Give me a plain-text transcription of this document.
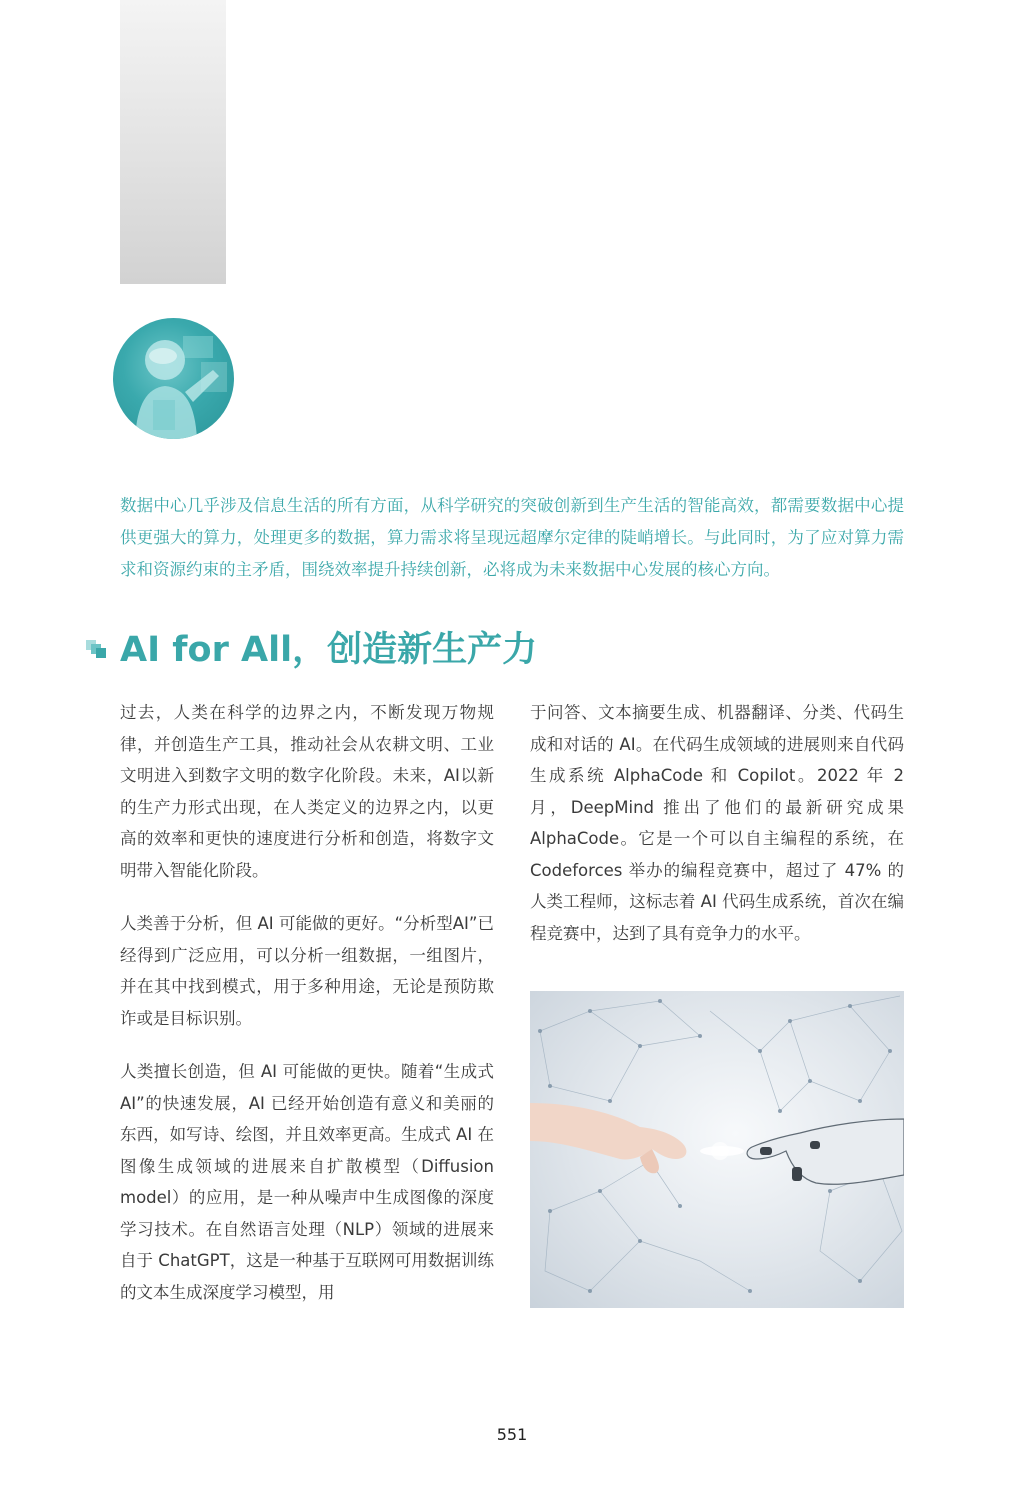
数据中心几乎涉及信息生活的所有方面，从科学研究的突破创新到生产生活的智能高效，都需要数据中心提供更强大的算力，处理更多的数据，算力需求将呈现远超摩尔定律的陡峭增长。与此同时，为了应对算力需求和资源约束的主矛盾，围绕效率提升持续创新，必将成为未来数据中心发展的核心方向。

AI for All，创造新生产力

过去，人类在科学的边界之内，不断发现万物规律，并创造生产工具，推动社会从农耕文明、工业文明进入到数字文明的数字化阶段。未来，AI以新的生产力形式出现，在人类定义的边界之内，以更高的效率和更快的速度进行分析和创造，将数字文明带入智能化阶段。

人类善于分析，但 AI 可能做的更好。“分析型AI”已经得到广泛应用，可以分析一组数据，一组图片，并在其中找到模式，用于多种用途，无论是预防欺诈或是目标识别。

人类擅长创造，但 AI 可能做的更快。随着“生成式 AI”的快速发展，AI 已经开始创造有意义和美丽的东西，如写诗、绘图，并且效率更高。生成式 AI 在图像生成领域的进展来自扩散模型（Diffusion model）的应用，是一种从噪声中生成图像的深度学习技术。在自然语言处理（NLP）领域的进展来自于 ChatGPT，这是一种基于互联网可用数据训练的文本生成深度学习模型，用

于问答、文本摘要生成、机器翻译、分类、代码生成和对话的 AI。在代码生成领域的进展则来自代码生成系统 AlphaCode 和 Copilot。2022 年 2 月，DeepMind 推出了他们的最新研究成果 AlphaCode。它是一个可以自主编程的系统，在 Codeforces 举办的编程竞赛中，超过了 47% 的人类工程师，这标志着 AI 代码生成系统，首次在编程竞赛中，达到了具有竞争力的水平。

551
